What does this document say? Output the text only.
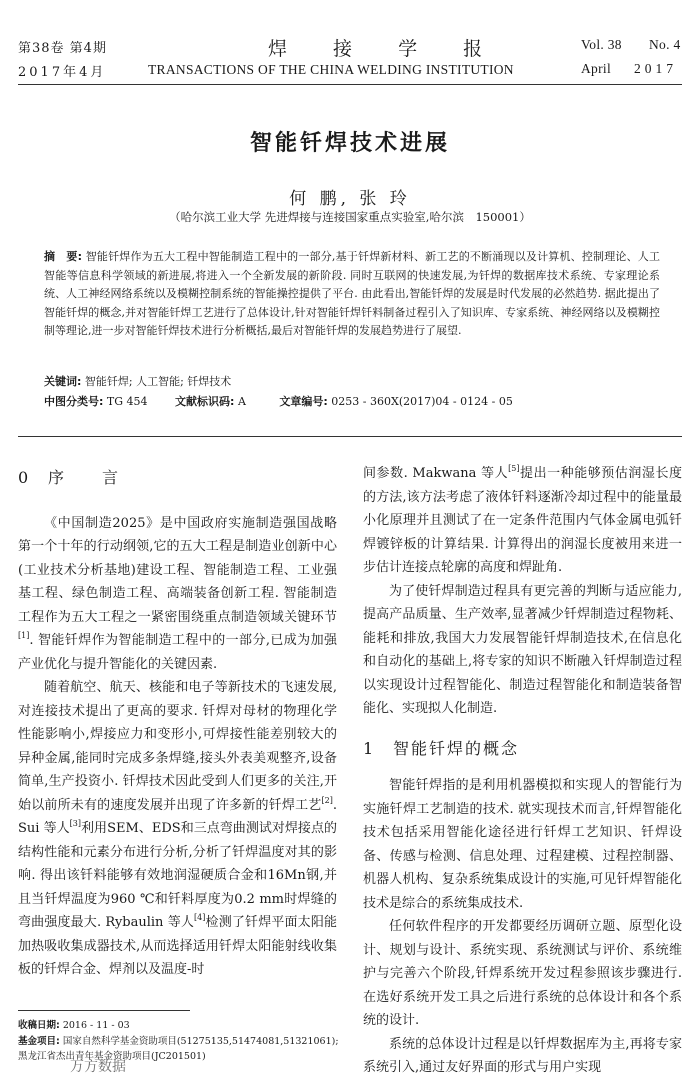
第38卷 第4期
2017年4月
焊 接 学 报
TRANSACTIONS OF THE CHINA WELDING INSTITUTION
Vol. 38 No. 4
April 2017
智能钎焊技术进展
何 鹏, 张 玲
（哈尔滨工业大学 先进焊接与连接国家重点实验室,哈尔滨　150001）
摘　要: 智能钎焊作为五大工程中智能制造工程中的一部分,基于钎焊新材料、新工艺的不断涌现以及计算机、控制理论、人工智能等信息科学领域的新进展,将进入一个全新发展的新阶段. 同时互联网的快速发展,为钎焊的数据库技术系统、专家理论系统、人工神经网络系统以及模糊控制系统的智能操控提供了平台. 由此看出,智能钎焊的发展是时代发展的必然趋势. 据此提出了智能钎焊的概念,并对智能钎焊工艺进行了总体设计,针对智能钎焊钎料制备过程引入了知识库、专家系统、神经网络以及模糊控制等理论,进一步对智能钎焊技术进行分析概括,最后对智能钎焊的发展趋势进行了展望.
关键词: 智能钎焊; 人工智能; 钎焊技术
中图分类号: TG 454	文献标识码: A	文章编号: 0253 - 360X(2017)04 - 0124 - 05
0 序　　言

《中国制造2025》是中国政府实施制造强国战略第一个十年的行动纲领,它的五大工程是制造业创新中心(工业技术分析基地)建设工程、智能制造工程、工业强基工程、绿色制造工程、高端装备创新工程. 智能制造工程作为五大工程之一紧密围绕重点制造领域关键环节[1]. 智能钎焊作为智能制造工程中的一部分,已成为加强产业优化与提升智能化的关键因素.

随着航空、航天、核能和电子等新技术的飞速发展,对连接技术提出了更高的要求. 钎焊对母材的物理化学性能影响小,焊接应力和变形小,可焊接性能差别较大的异种金属,能同时完成多条焊缝,接头外表美观整齐,设备简单,生产投资小. 钎焊技术因此受到人们更多的关注,开始以前所未有的速度发展并出现了许多新的钎焊工艺[2]. Sui 等人[3]利用SEM、EDS和三点弯曲测试对焊接点的结构性能和元素分布进行分析,分析了钎焊温度对其的影响. 得出该钎料能够有效地润湿硬质合金和16Mn钢,并且当钎焊温度为960 ℃和钎料厚度为0.2 mm时焊缝的弯曲强度最大. Rybaulin 等人[4]检测了钎焊平面太阳能加热吸收集成器技术,从而选择适用钎焊太阳能射线收集板的钎焊合金、焊剂以及温度-时

间参数. Makwana 等人[5]提出一种能够预估润湿长度的方法,该方法考虑了液体钎料逐渐冷却过程中的能量最小化原理并且测试了在一定条件范围内气体金属电弧钎焊镀锌板的计算结果. 计算得出的润湿长度被用来进一步估计连接点轮廓的高度和焊趾角.

为了使钎焊制造过程具有更完善的判断与适应能力,提高产品质量、生产效率,显著减少钎焊制造过程物耗、能耗和排放,我国大力发展智能钎焊制造技术,在信息化和自动化的基础上,将专家的知识不断融入钎焊制造过程以实现设计过程智能化、制造过程智能化和制造装备智能化、实现拟人化制造.

1 智能钎焊的概念

智能钎焊指的是利用机器模拟和实现人的智能行为实施钎焊工艺制造的技术. 就实现技术而言,钎焊智能化技术包括采用智能化途径进行钎焊工艺知识、钎焊设备、传感与检测、信息处理、过程建模、过程控制器、机器人机构、复杂系统集成设计的实施,可见钎焊智能化技术是综合的系统集成技术.

任何软件程序的开发都要经历调研立题、原型化设计、规划与设计、系统实现、系统测试与评价、系统维护与完善六个阶段,钎焊系统开发过程参照该步骤进行. 在选好系统开发工具之后进行系统的总体设计和各个系统的设计.

系统的总体设计过程是以钎焊数据库为主,再将专家系统引入,通过友好界面的形式与用户实现

收稿日期: 2016 - 11 - 03
基金项目: 国家自然科学基金资助项目(51275135,51474081,51321061);黑龙江省杰出青年基金资助项目(JC201501)
万方数据
